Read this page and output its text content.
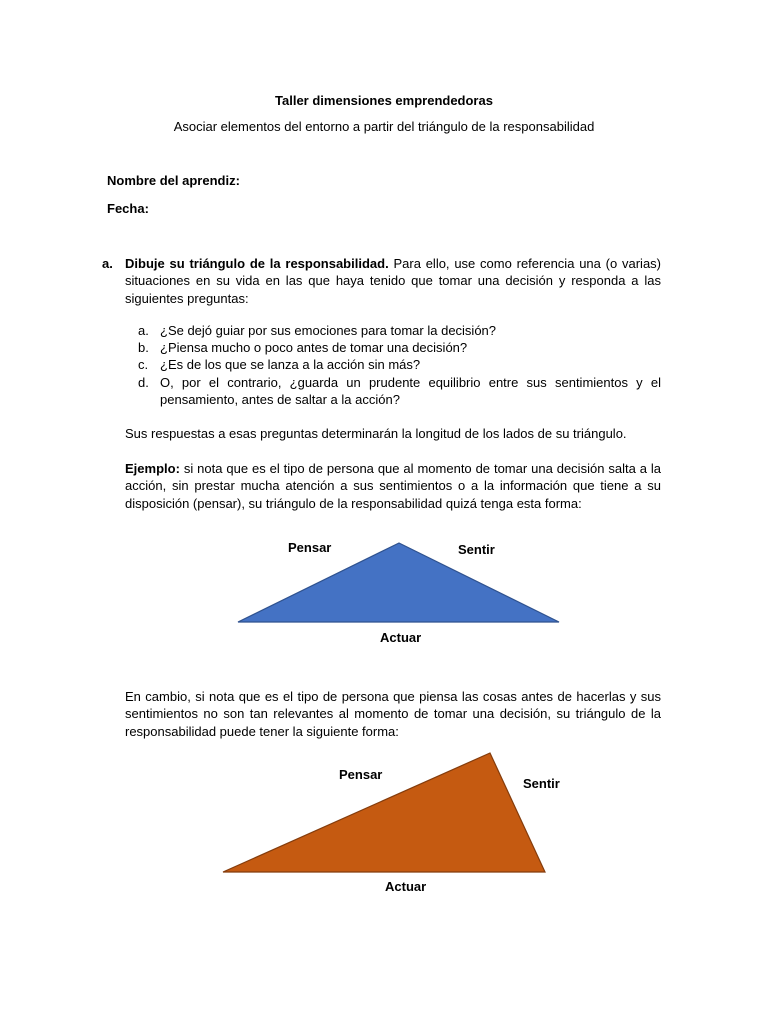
Taller dimensiones emprendedoras
Asociar elementos del entorno a partir del triángulo de la responsabilidad
Nombre del aprendiz:
Fecha:
a. Dibuje su triángulo de la responsabilidad. Para ello, use como referencia una (o varias) situaciones en su vida en las que haya tenido que tomar una decisión y responda a las siguientes preguntas:
a. ¿Se dejó guiar por sus emociones para tomar la decisión?
b. ¿Piensa mucho o poco antes de tomar una decisión?
c. ¿Es de los que se lanza a la acción sin más?
d. O, por el contrario, ¿guarda un prudente equilibrio entre sus sentimientos y el pensamiento, antes de saltar a la acción?
Sus respuestas a esas preguntas determinarán la longitud de los lados de su triángulo.
Ejemplo: si nota que es el tipo de persona que al momento de tomar una decisión salta a la acción, sin prestar mucha atención a sus sentimientos o a la información que tiene a su disposición (pensar), su triángulo de la responsabilidad quizá tenga esta forma:
Pensar	Sentir
Actuar
En cambio, si nota que es el tipo de persona que piensa las cosas antes de hacerlas y sus sentimientos no son tan relevantes al momento de tomar una decisión, su triángulo de la responsabilidad puede tener la siguiente forma:
Pensar
Sentir
Actuar
